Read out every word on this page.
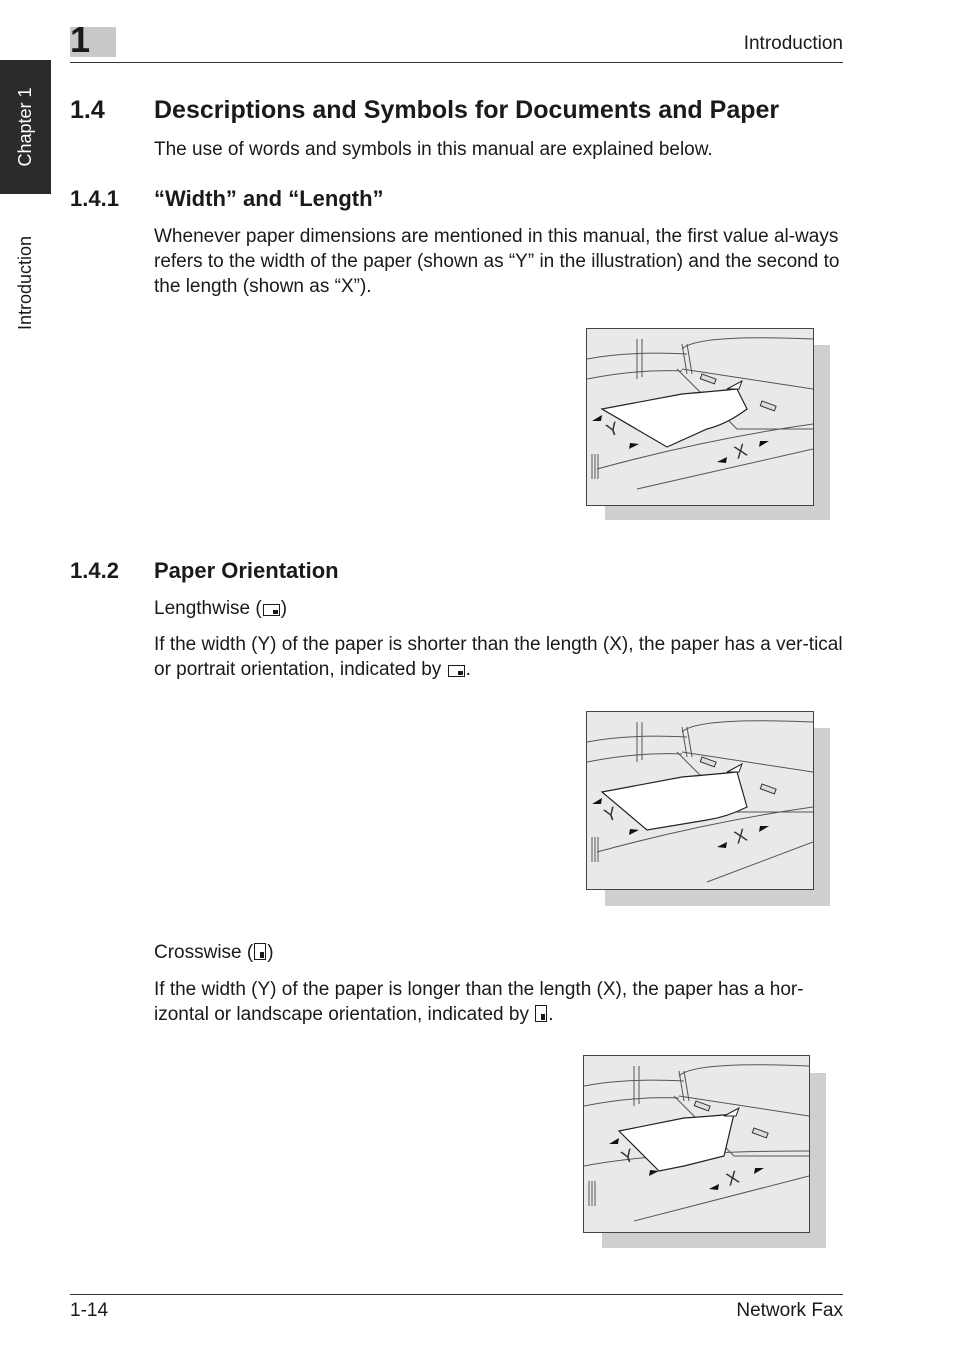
1	Introduction
Chapter 1
Introduction
1.4 Descriptions and Symbols for Documents and Paper

The use of words and symbols in this manual are explained below.

1.4.1 “Width” and “Length”

Whenever paper dimensions are mentioned in this manual, the first value al-ways refers to the width of the paper (shown as “Y” in the illustration) and the second to the length (shown as “X”).

Y
X
1.4.2 Paper Orientation

Lengthwise ( )

If the width (Y) of the paper is shorter than the length (X), the paper has a ver-tical or portrait orientation, indicated by .

Y
X

Crosswise ( )

If the width (Y) of the paper is longer than the length (X), the paper has a hor-izontal or landscape orientation, indicated by .

Y
X
1-14	Network Fax
